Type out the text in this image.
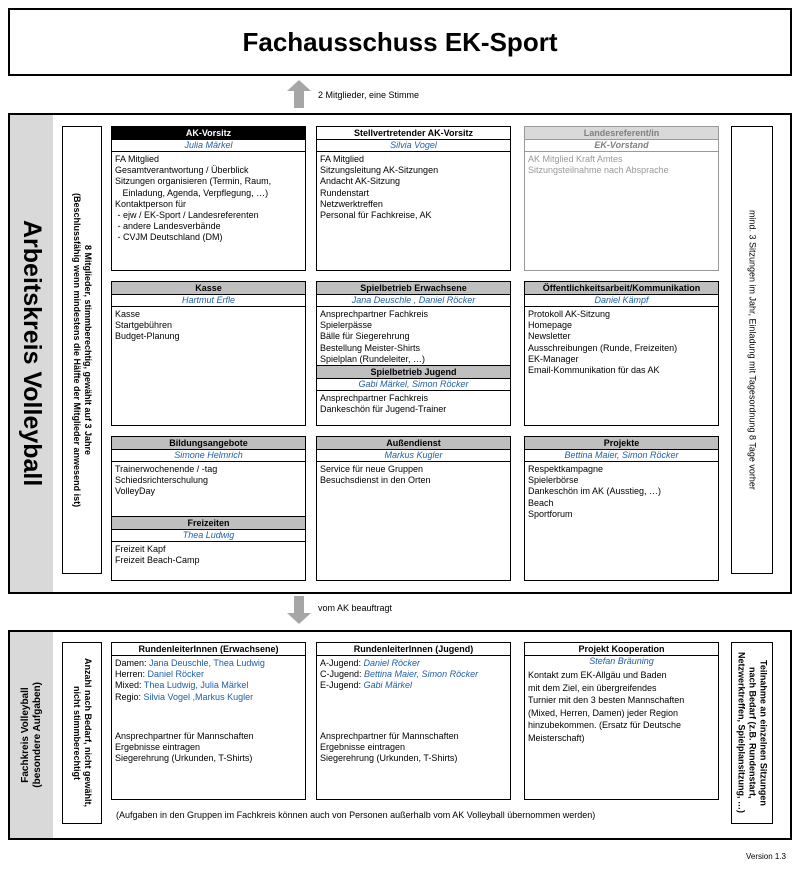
Fachausschuss EK-Sport
2 Mitglieder, eine Stimme
Arbeitskreis Volleyball	8 Mitglieder, stimmberechtig, gewählt auf 3 Jahre
(Beschlussfähig wenn mindestens die Hälfte der Mitglieder anwesend ist)	mind. 3 Sitzungen im Jahr, Einladung mit Tagesordnung 8 Tage vorher
AK-Vorsitz
Julia Märkel
FA Mitglied
Gesamtverantwortung / Überblick
Sitzungen organisieren (Termin, Raum,
Einladung, Agenda, Verpflegung, …)
Kontaktperson für
- ejw / EK-Sport / Landesreferenten
- andere Landesverbände
- CVJM Deutschland (DM)
Stellvertretender AK-Vorsitz
Silvia Vogel
FA Mitglied
Sitzungsleitung AK-Sitzungen
Andacht AK-Sitzung
Rundenstart
Netzwerktreffen
Personal für Fachkreise, AK
Landesreferent/in
EK-Vorstand
AK Mitglied Kraft Amtes
Sitzungsteilnahme nach Absprache
Kasse
Hartmut Erfle
Kasse
Startgebühren
Budget-Planung
Spielbetrieb Erwachsene
Jana Deuschle , Daniel Röcker
Ansprechpartner Fachkreis
Spielerpässe
Bälle für Siegerehrung
Bestellung Meister-Shirts
Spielplan (Rundeleiter, …)
Spielbetrieb Jugend
Gabi Märkel, Simon Röcker
Ansprechpartner Fachkreis
Dankeschön für Jugend-Trainer
Öffentlichkeitsarbeit/Kommunikation
Daniel Kämpf
Protokoll AK-Sitzung
Homepage
Newsletter
Ausschreibungen (Runde, Freizeiten)
EK-Manager
Email-Kommunikation für das AK
Bildungsangebote
Simone Helmrich
Trainerwochenende / -tag
Schiedsrichterschulung
VolleyDay
Freizeiten
Thea Ludwig
Freizeit Kapf
Freizeit Beach-Camp
Außendienst
Markus Kugler
Service für neue Gruppen
Besuchsdienst in den Orten
Projekte
Bettina Maier, Simon Röcker
Respektkampagne
Spielerbörse
Dankeschön im AK (Ausstieg, …)
Beach
Sportforum
vom AK beauftragt
Fachkreis Volleyball
(besondere Aufgaben)	Anzahl nach Bedarf, nicht gewählt,
nicht stimmberechtigt	Teilnahme an einzelnen Sitzungen
nach Bedarf (z.B. Rundenstart,
Netzwerktreffen, Spielplansitzung, …)
RundenleiterInnen (Erwachsene)
Damen: Jana Deuschle, Thea Ludwig
Herren: Daniel Röcker
Mixed: Thea Ludwig, Julia Märkel
Regio: Silvia Vogel ,Markus Kugler
Ansprechpartner für Mannschaften
Ergebnisse eintragen
Siegerehrung (Urkunden, T-Shirts)
RundenleiterInnen (Jugend)
A-Jugend: Daniel Röcker
C-Jugend: Bettina Maier, Simon Röcker
E-Jugend: Gabi Märkel
Ansprechpartner für Mannschaften
Ergebnisse eintragen
Siegerehrung (Urkunden, T-Shirts)
Projekt Kooperation
Stefan Bräuning
Kontakt zum EK-Allgäu und Baden
mit dem Ziel, ein übergreifendes
Turnier mit den 3 besten Mannschaften
(Mixed, Herren, Damen) jeder Region
hinzubekommen. (Ersatz für Deutsche
Meisterschaft)
(Aufgaben in den Gruppen im Fachkreis können auch von Personen außerhalb vom AK Volleyball übernommen werden)
Version 1.3
